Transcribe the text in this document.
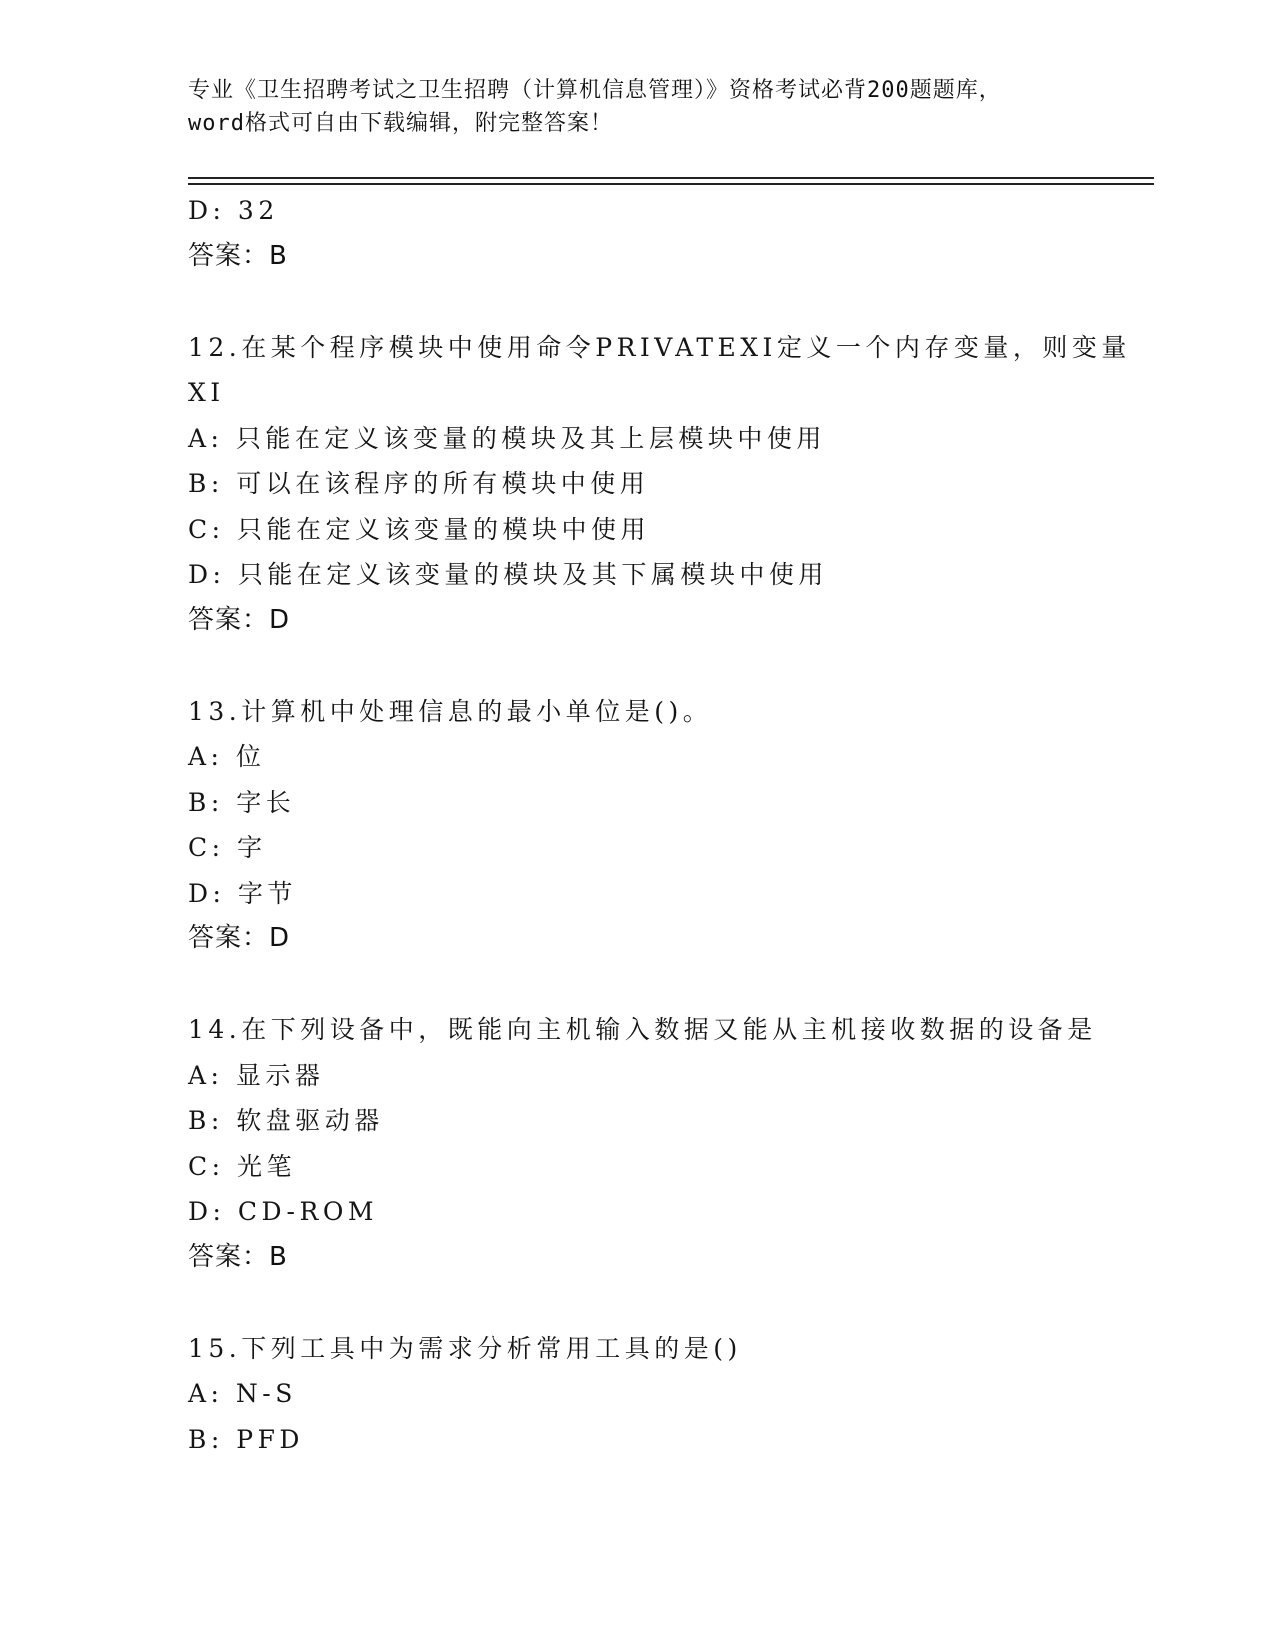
专业《卫生招聘考试之卫生招聘（计算机信息管理）》资格考试必背200题题库，
word格式可自由下载编辑，附完整答案！
D: 32
答案：B
12.在某个程序模块中使用命令PRIVATEXI定义一个内存变量，则变量
XI
A: 只能在定义该变量的模块及其上层模块中使用
B: 可以在该程序的所有模块中使用
C: 只能在定义该变量的模块中使用
D: 只能在定义该变量的模块及其下属模块中使用
答案：D
13.计算机中处理信息的最小单位是()。
A: 位
B: 字长
C: 字
D: 字节
答案：D
14.在下列设备中，既能向主机输入数据又能从主机接收数据的设备是
A: 显示器
B: 软盘驱动器
C: 光笔
D: CD-ROM
答案：B
15.下列工具中为需求分析常用工具的是()
A: N-S
B: PFD
